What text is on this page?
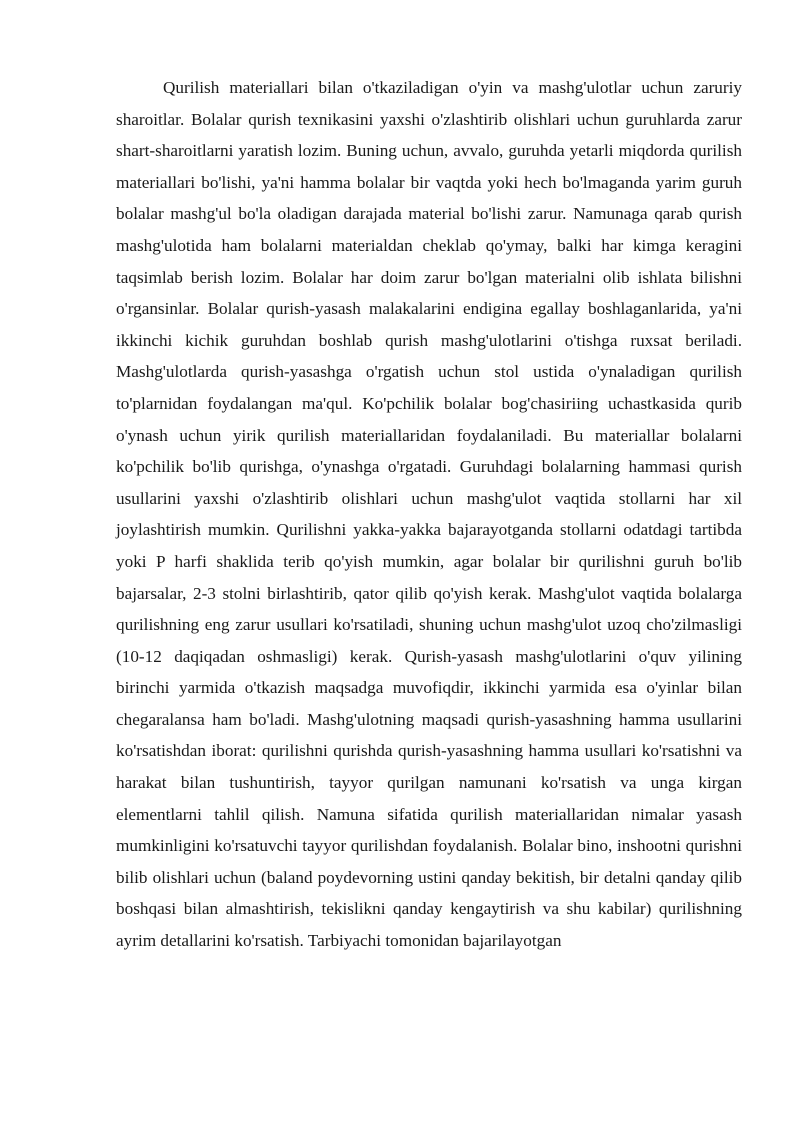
Qurilish materiallari bilan o'tkaziladigan o'yin va mashg'ulotlar uchun zaruriy sharoitlar. Bolalar qurish texnikasini yaxshi o'zlashtirib olishlari uchun guruhlarda zarur shart-sharoitlarni yaratish lozim. Buning uchun, avvalo, guruhda yetarli miqdorda qurilish materiallari bo'lishi, ya'ni hamma bolalar bir vaqtda yoki hech bo'lmaganda yarim guruh bolalar mashg'ul bo'la oladigan darajada material bo'lishi zarur. Namunaga qarab qurish mashg'ulotida ham bolalarni materialdan cheklab qo'ymay, balki har kimga keragini taqsimlab berish lozim. Bolalar har doim zarur bo'lgan materialni olib ishlata bilishni o'rgansinlar. Bolalar qurish-yasash malakalarini endigina egallay boshlaganlarida, ya'ni ikkinchi kichik guruhdan boshlab qurish mashg'ulotlarini o'tishga ruxsat beriladi. Mashg'ulotlarda qurish-yasashga o'rgatish uchun stol ustida o'ynaladigan qurilish to'plarnidan foydalangan ma'qul. Ko'pchilik bolalar bog'chasiriing uchastkasida qurib o'ynash uchun yirik qurilish materiallaridan foydalaniladi. Bu materiallar bolalarni ko'pchilik bo'lib qurishga, o'ynashga o'rgatadi. Guruhdagi bolalarning hammasi qurish usullarini yaxshi o'zlashtirib olishlari uchun mashg'ulot vaqtida stollarni har xil joylashtirish mumkin. Qurilishni yakka-yakka bajarayotganda stollarni odatdagi tartibda yoki P harfi shaklida terib qo'yish mumkin, agar bolalar bir qurilishni guruh bo'lib bajarsalar, 2-3 stolni birlashtirib, qator qilib qo'yish kerak. Mashg'ulot vaqtida bolalarga qurilishning eng zarur usullari ko'rsatiladi, shuning uchun mashg'ulot uzoq cho'zilmasligi (10-12 daqiqadan oshmasligi) kerak. Qurish-yasash mashg'ulotlarini o'quv yilining birinchi yarmida o'tkazish maqsadga muvofiqdir, ikkinchi yarmida esa o'yinlar bilan chegaralansa ham bo'ladi. Mashg'ulotning maqsadi qurish-yasashning hamma usullarini ko'rsatishdan iborat: qurilishni qurishda qurish-yasashning hamma usullari ko'rsatishni va harakat bilan tushuntirish, tayyor qurilgan namunani ko'rsatish va unga kirgan elementlarni tahlil qilish. Namuna sifatida qurilish materiallaridan nimalar yasash mumkinligini ko'rsatuvchi tayyor qurilishdan foydalanish. Bolalar bino, inshootni qurishni bilib olishlari uchun (baland poydevorning ustini qanday bekitish, bir detalni qanday qilib boshqasi bilan almashtirish, tekislikni qanday kengaytirish va shu kabilar) qurilishning ayrim detallarini ko'rsatish. Tarbiyachi tomonidan bajarilayotgan
